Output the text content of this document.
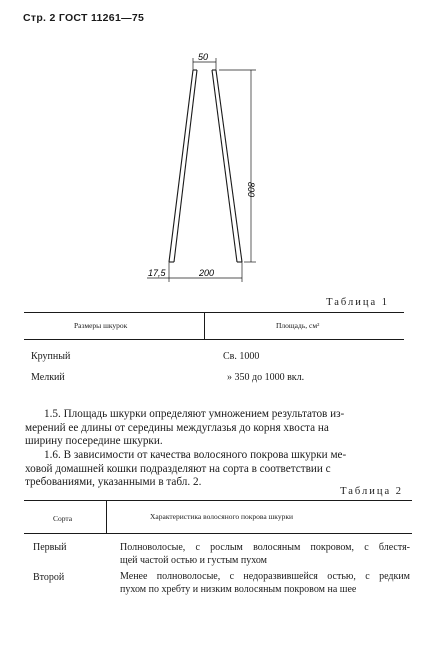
Стр. 2 ГОСТ 11261—75
50
800
200
17,5
Таблица 1
Размеры шкурок	Площадь, см²
Крупный	Св. 1000
Мелкий	» 350 до 1000 вкл.
1.5. Площадь шкурки определяют умножением результатов из-
мерений ее длины от середины междуглазья до корня хвоста на
ширину посередине шкурки.
1.6. В зависимости от качества волосяного покрова шкурки ме-
ховой домашней кошки подразделяют на сорта в соответствии с
требованиями, указанными в табл. 2.
Таблица 2
Сорта	Характеристика волосяного покрова шкурки
Первый	Полноволосые, с рослым волосяным покровом, с блестя-
щей частой остью и густым пухом
Второй	Менее полноволосые, с недоразвившейся остью, с редким
пухом по хребту и низким волосяным покровом на шее
